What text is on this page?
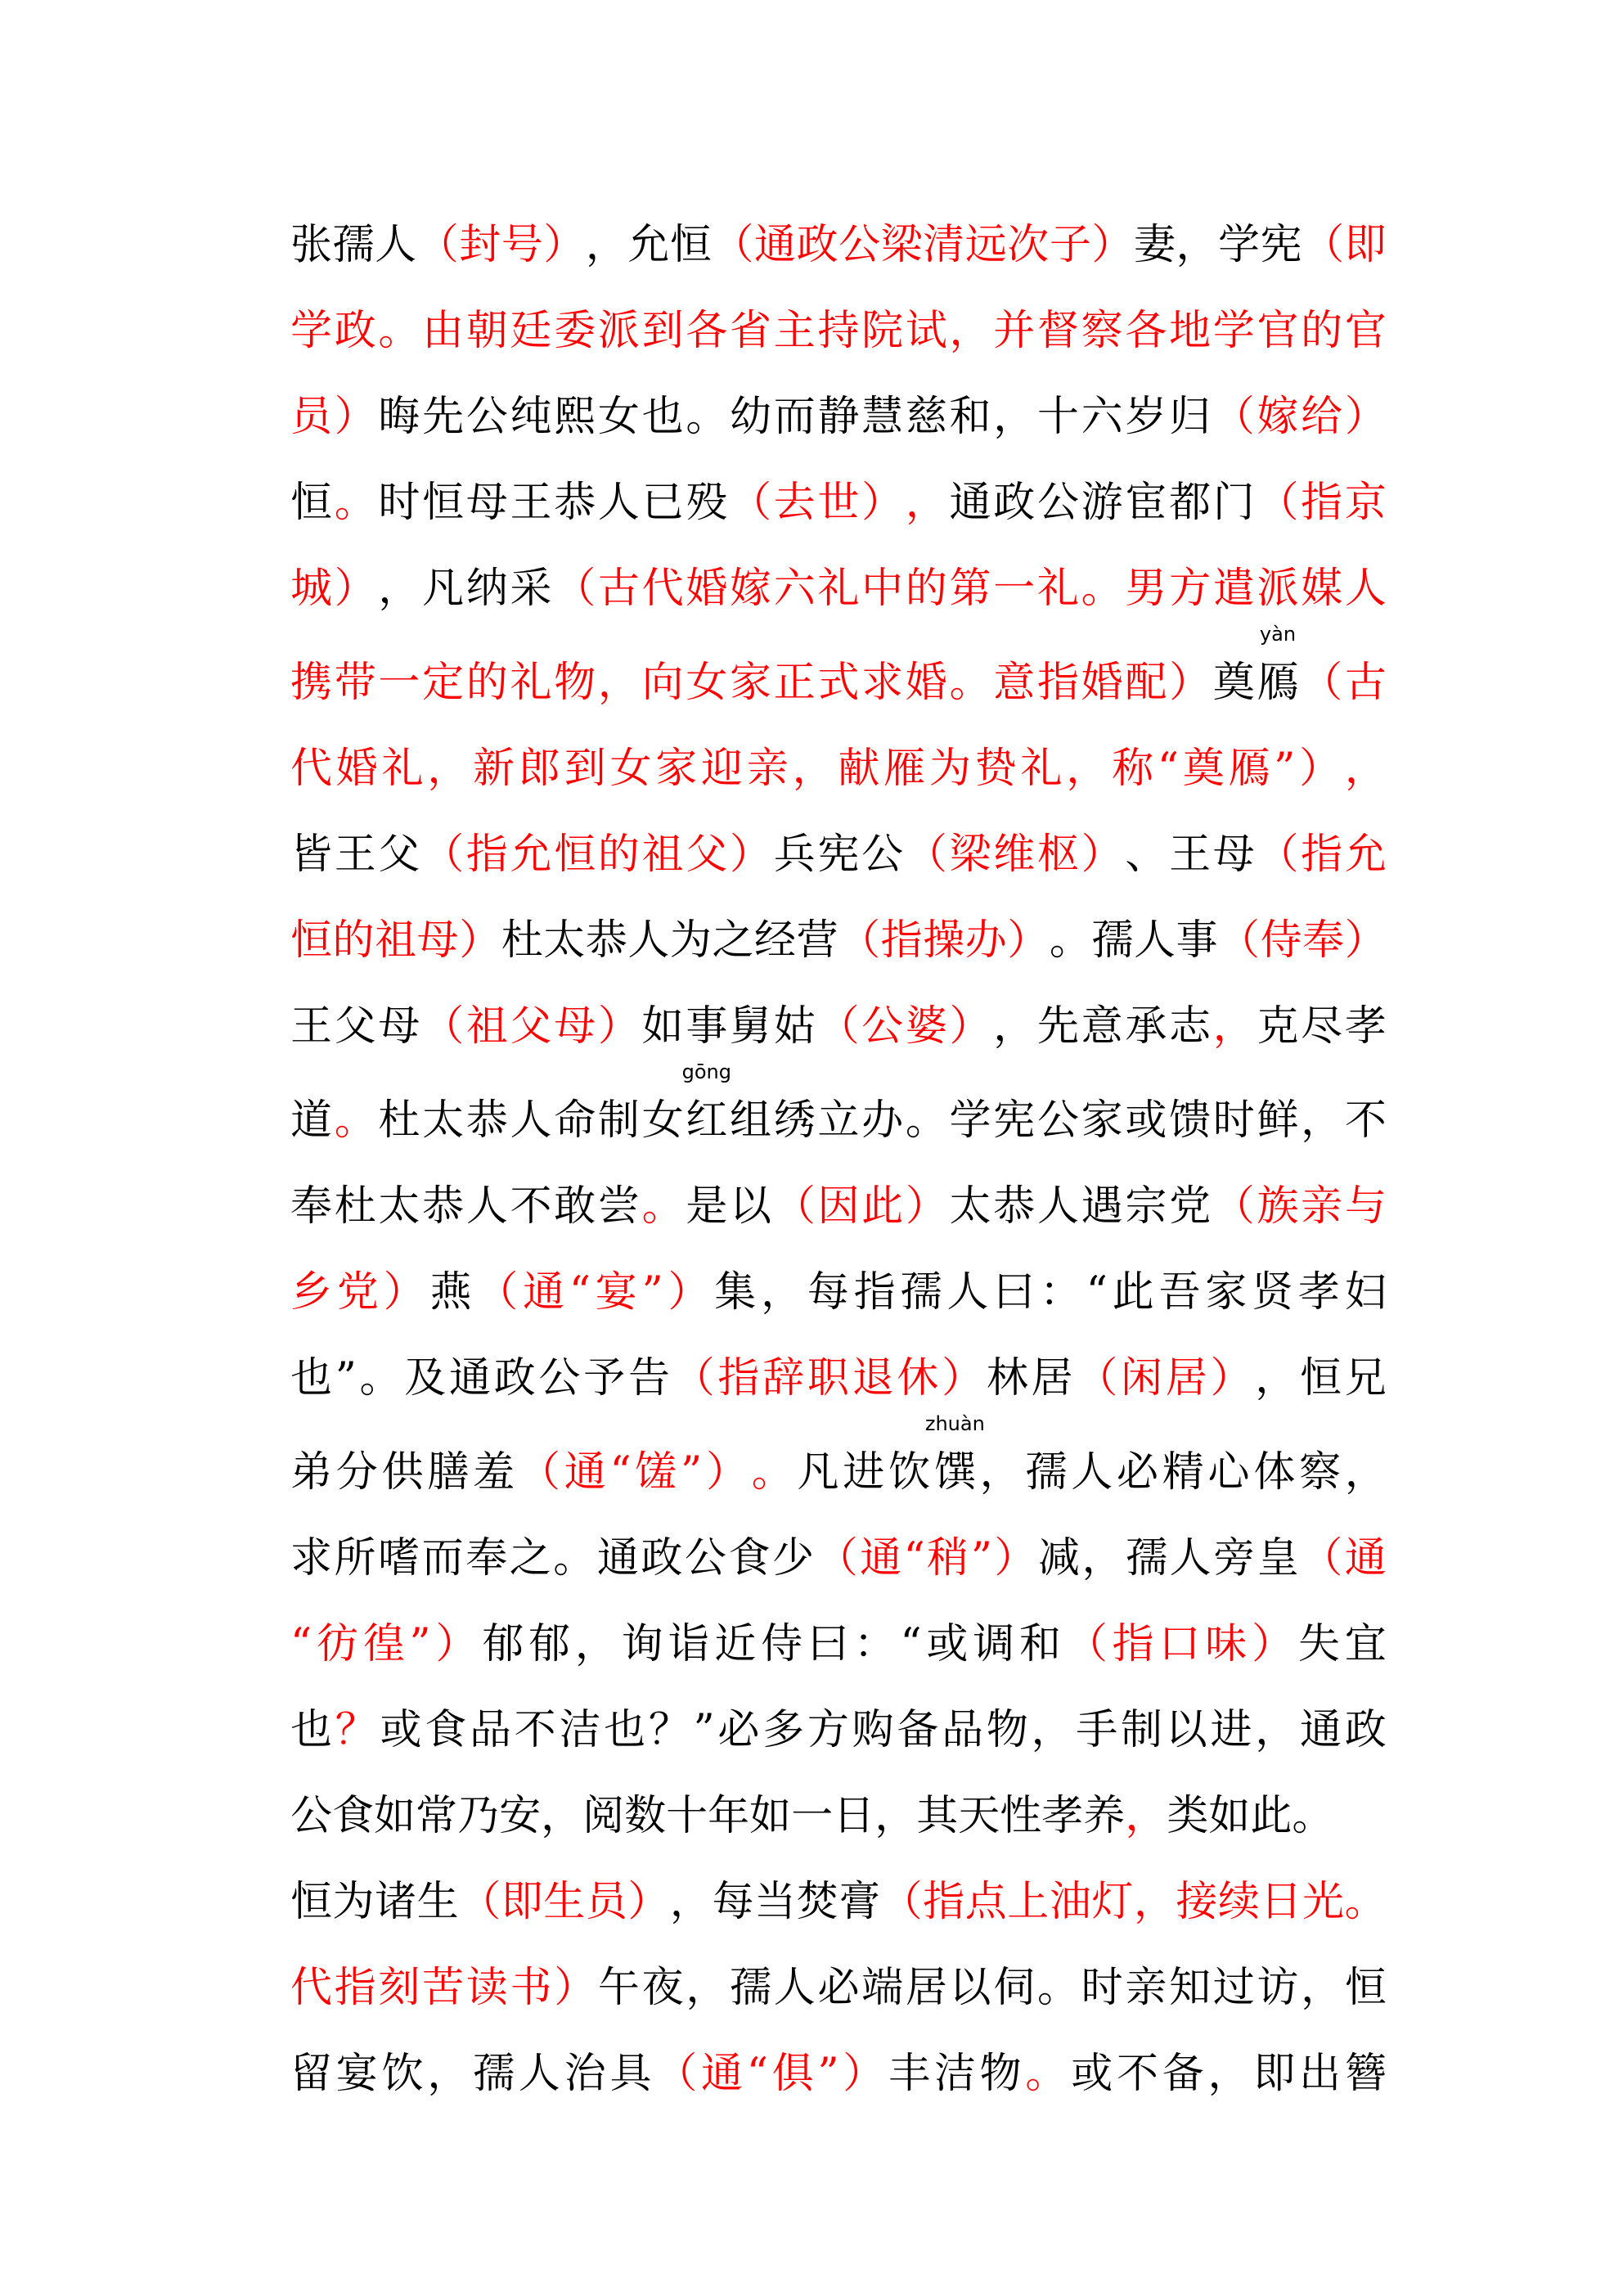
张 孺 人 （ 封 号 ） ， 允 恒 （ 通 政 公 梁 清 远 次 子 ） 妻 ， 学 宪 （ 即
学 政 。 由 朝 廷 委 派 到 各 省 主 持 院 试 ， 并 督 察 各 地 学 官 的 官
员 ） 晦 先 公 纯 熙 女 也 。 幼 而 静 慧 慈 和 ， 十 六 岁 归 （ 嫁 给 ）
恒 。 时 恒 母 王 恭 人 已 殁 （ 去 世 ） ， 通 政 公 游 宦 都 门 （ 指 京
城 ） ， 凡 纳 采 （ 古 代 婚 嫁 六 礼 中 的 第 一 礼 。 男 方 遣 派 媒 人
携 带 一 定 的 礼 物 ， 向 女 家 正 式 求 婚 。 意 指 婚 配 ） 奠 鴈
yàn
（ 古
代 婚 礼 ， 新 郎 到 女 家 迎 亲 ， 献 雁 为 贽 礼 ， 称 “ 奠 鴈 ” ） ，
皆 王 父 （ 指 允 恒 的 祖 父 ） 兵 宪 公 （ 梁 维 枢 ） 、 王 母 （ 指 允
恒 的 祖 母 ） 杜 太 恭 人 为 之 经 营 （ 指 操 办 ） 。 孺 人 事 （ 侍 奉 ）
王 父 母 （ 祖 父 母 ） 如 事 舅 姑 （ 公 婆 ） ， 先 意 承 志 ， 克 尽 孝
道 。 杜 太 恭 人 命 制 女 红
gōng
组 绣 立 办 。 学 宪 公 家 或 馈 时 鲜 ， 不
奉 杜 太 恭 人 不 敢 尝 。 是 以 （ 因 此 ） 太 恭 人 遇 宗 党 （ 族 亲 与
乡 党 ） 燕 （ 通 “ 宴 ” ） 集 ， 每 指 孺 人 曰 ： “ 此 吾 家 贤 孝 妇
也 ” 。 及 通 政 公 予 告 （ 指 辞 职 退 休 ） 林 居 （ 闲 居 ） ， 恒 兄
弟 分 供 膳 羞 （ 通 “ 馐 ” ） 。 凡 进 饮 馔
zhuàn
， 孺 人 必 精 心 体 察 ，
求 所 嗜 而 奉 之 。 通 政 公 食 少 （ 通 “ 稍 ” ） 减 ， 孺 人 旁 皇 （ 通
“ 彷 徨 ” ） 郁 郁 ， 询 诣 近 侍 曰 ： “ 或 调 和 （ 指 口 味 ） 失 宜
也 ？ 或 食 品 不 洁 也 ？ ” 必 多 方 购 备 品 物 ， 手 制 以 进 ， 通 政
公 食 如 常 乃 安 ， 阅 数 十 年 如 一 日 ， 其 天 性 孝 养 ， 类 如 此 。
恒 为 诸 生 （ 即 生 员 ） ， 每 当 焚 膏 （ 指 点 上 油 灯 ， 接 续 日 光 。
代 指 刻 苦 读 书 ） 午 夜 ， 孺 人 必 端 居 以 伺 。 时 亲 知 过 访 ， 恒
留 宴 饮 ， 孺 人 治 具 （ 通 “ 俱 ” ） 丰 洁 物 。 或 不 备 ， 即 出 簪
